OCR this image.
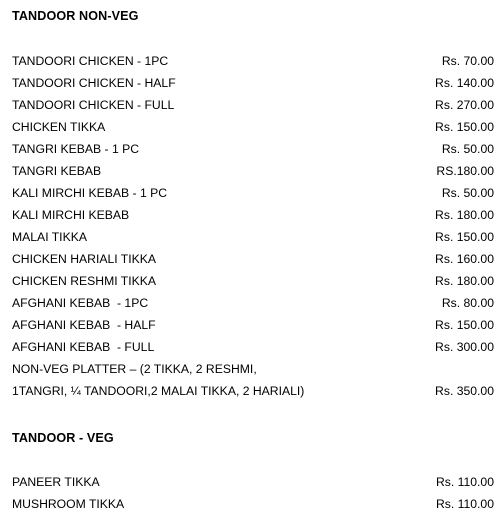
TANDOOR NON-VEG
TANDOORI CHICKEN - 1PC	Rs. 70.00
TANDOORI CHICKEN - HALF	Rs. 140.00
TANDOORI CHICKEN - FULL	Rs. 270.00
CHICKEN TIKKA	Rs. 150.00
TANGRI KEBAB - 1 PC	Rs. 50.00
TANGRI KEBAB	RS.180.00
KALI MIRCHI KEBAB - 1 PC	Rs. 50.00
KALI MIRCHI KEBAB	Rs. 180.00
MALAI TIKKA	Rs. 150.00
CHICKEN HARIALI TIKKA	Rs. 160.00
CHICKEN RESHMI TIKKA	Rs. 180.00
AFGHANI KEBAB  - 1PC	Rs. 80.00
AFGHANI KEBAB  - HALF	Rs. 150.00
AFGHANI KEBAB  - FULL	Rs. 300.00
NON-VEG PLATTER – (2 TIKKA, 2 RESHMI,
1TANGRI, ¼ TANDOORI,2 MALAI TIKKA, 2 HARIALI)	Rs. 350.00
TANDOOR - VEG
PANEER TIKKA	Rs. 110.00
MUSHROOM TIKKA	Rs. 110.00
